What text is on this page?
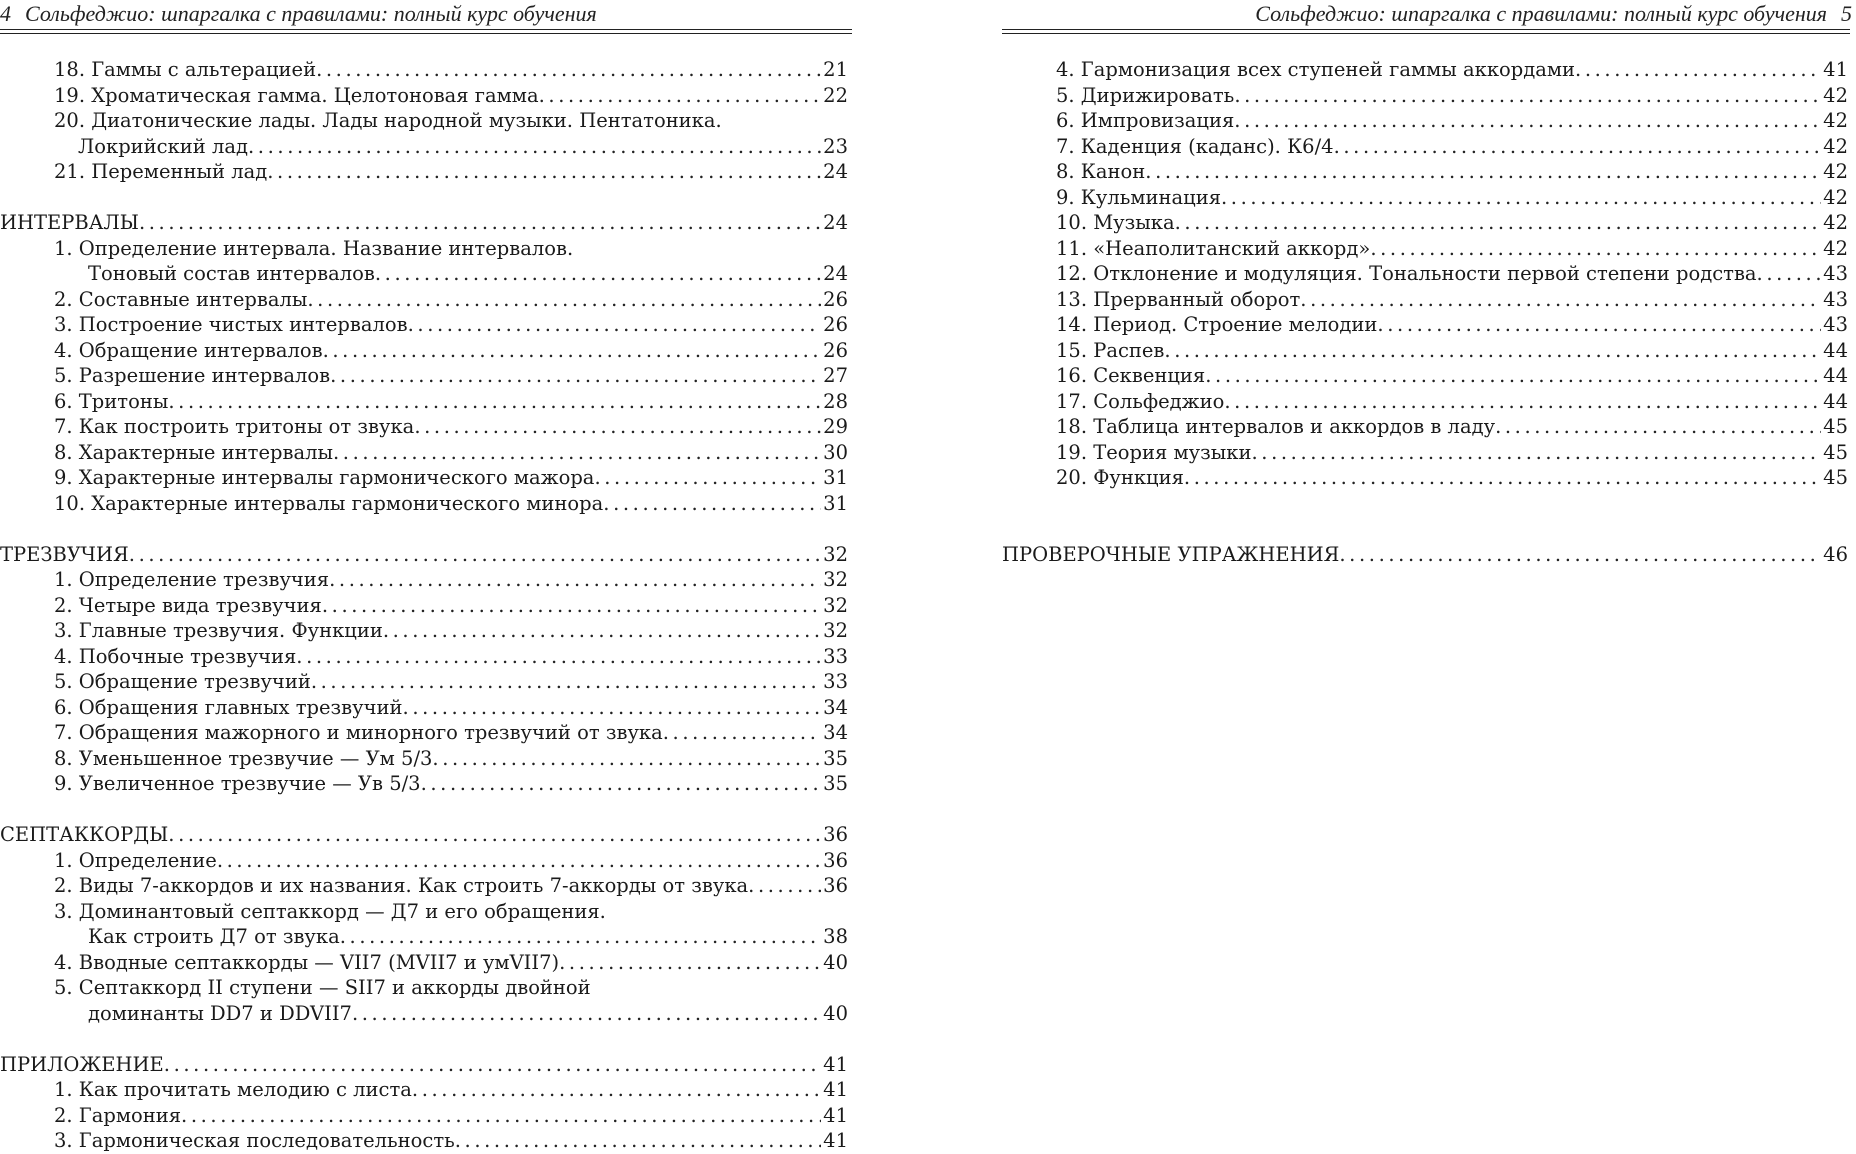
4 Сольфеджио: шпаргалка с правилами: полный курс обучения
18. Гаммы с альтерацией . . .	21
19. Хроматическая гамма. Целотоновая гамма . . .	22
20. Диатонические лады. Лады народной музыки. Пентатоника.
Локрийский лад . . .	23
21. Переменный лад . . .	24
ИНТЕРВАЛЫ . . .	24
1. Определение интервала. Название интервалов.
Тоновый состав интервалов . . .	24
2. Составные интервалы . . .	26
3. Построение чистых интервалов . . .	26
4. Обращение интервалов . . .	26
5. Разрешение интервалов . . .	27
6. Тритоны . . .	28
7. Как построить тритоны от звука . . .	29
8. Характерные интервалы . . .	30
9. Характерные интервалы гармонического мажора . . .	31
10. Характерные интервалы гармонического минора . . .	31
ТРЕЗВУЧИЯ . . .	32
1. Определение трезвучия . . .	32
2. Четыре вида трезвучия . . .	32
3. Главные трезвучия. Функции . . .	32
4. Побочные трезвучия . . .	33
5. Обращение трезвучий . . .	33
6. Обращения главных трезвучий . . .	34
7. Обращения мажорного и минорного трезвучий от звука . . .	34
8. Уменьшенное трезвучие — Ум 5/3 . . .	35
9. Увеличенное трезвучие — Ув 5/3 . . .	35
СЕПТАККОРДЫ . . .	36
1. Определение . . .	36
2. Виды 7-аккордов и их названия. Как строить 7-аккорды от звука . . .	36
3. Доминантовый септаккорд — Д7 и его обращения.
Как строить Д7 от звука . . .	38
4. Вводные септаккорды — VII7 (MVII7 и умVII7) . . .	40
5. Септаккорд II ступени — SII7 и аккорды двойной
доминанты DD7 и DDVII7 . . .	40
ПРИЛОЖЕНИЕ . . .	41
1. Как прочитать мелодию с листа . . .	41
2. Гармония . . .	41
3. Гармоническая последовательность . . .	41
Сольфеджио: шпаргалка с правилами: полный курс обучения 5
4. Гармонизация всех ступеней гаммы аккордами . . .	41
5. Дирижировать . . .	42
6. Импровизация . . .	42
7. Каденция (каданс). К6/4 . . .	42
8. Канон . . .	42
9. Кульминация . . .	42
10. Музыка . . .	42
11. «Неаполитанский аккорд» . . .	42
12. Отклонение и модуляция. Тональности первой степени родства . . .	43
13. Прерванный оборот . . .	43
14. Период. Строение мелодии . . .	43
15. Распев . . .	44
16. Секвенция . . .	44
17. Сольфеджио . . .	44
18. Таблица интервалов и аккордов в ладу . . .	45
19. Теория музыки . . .	45
20. Функция . . .	45
ПРОВЕРОЧНЫЕ УПРАЖНЕНИЯ . . .	46
